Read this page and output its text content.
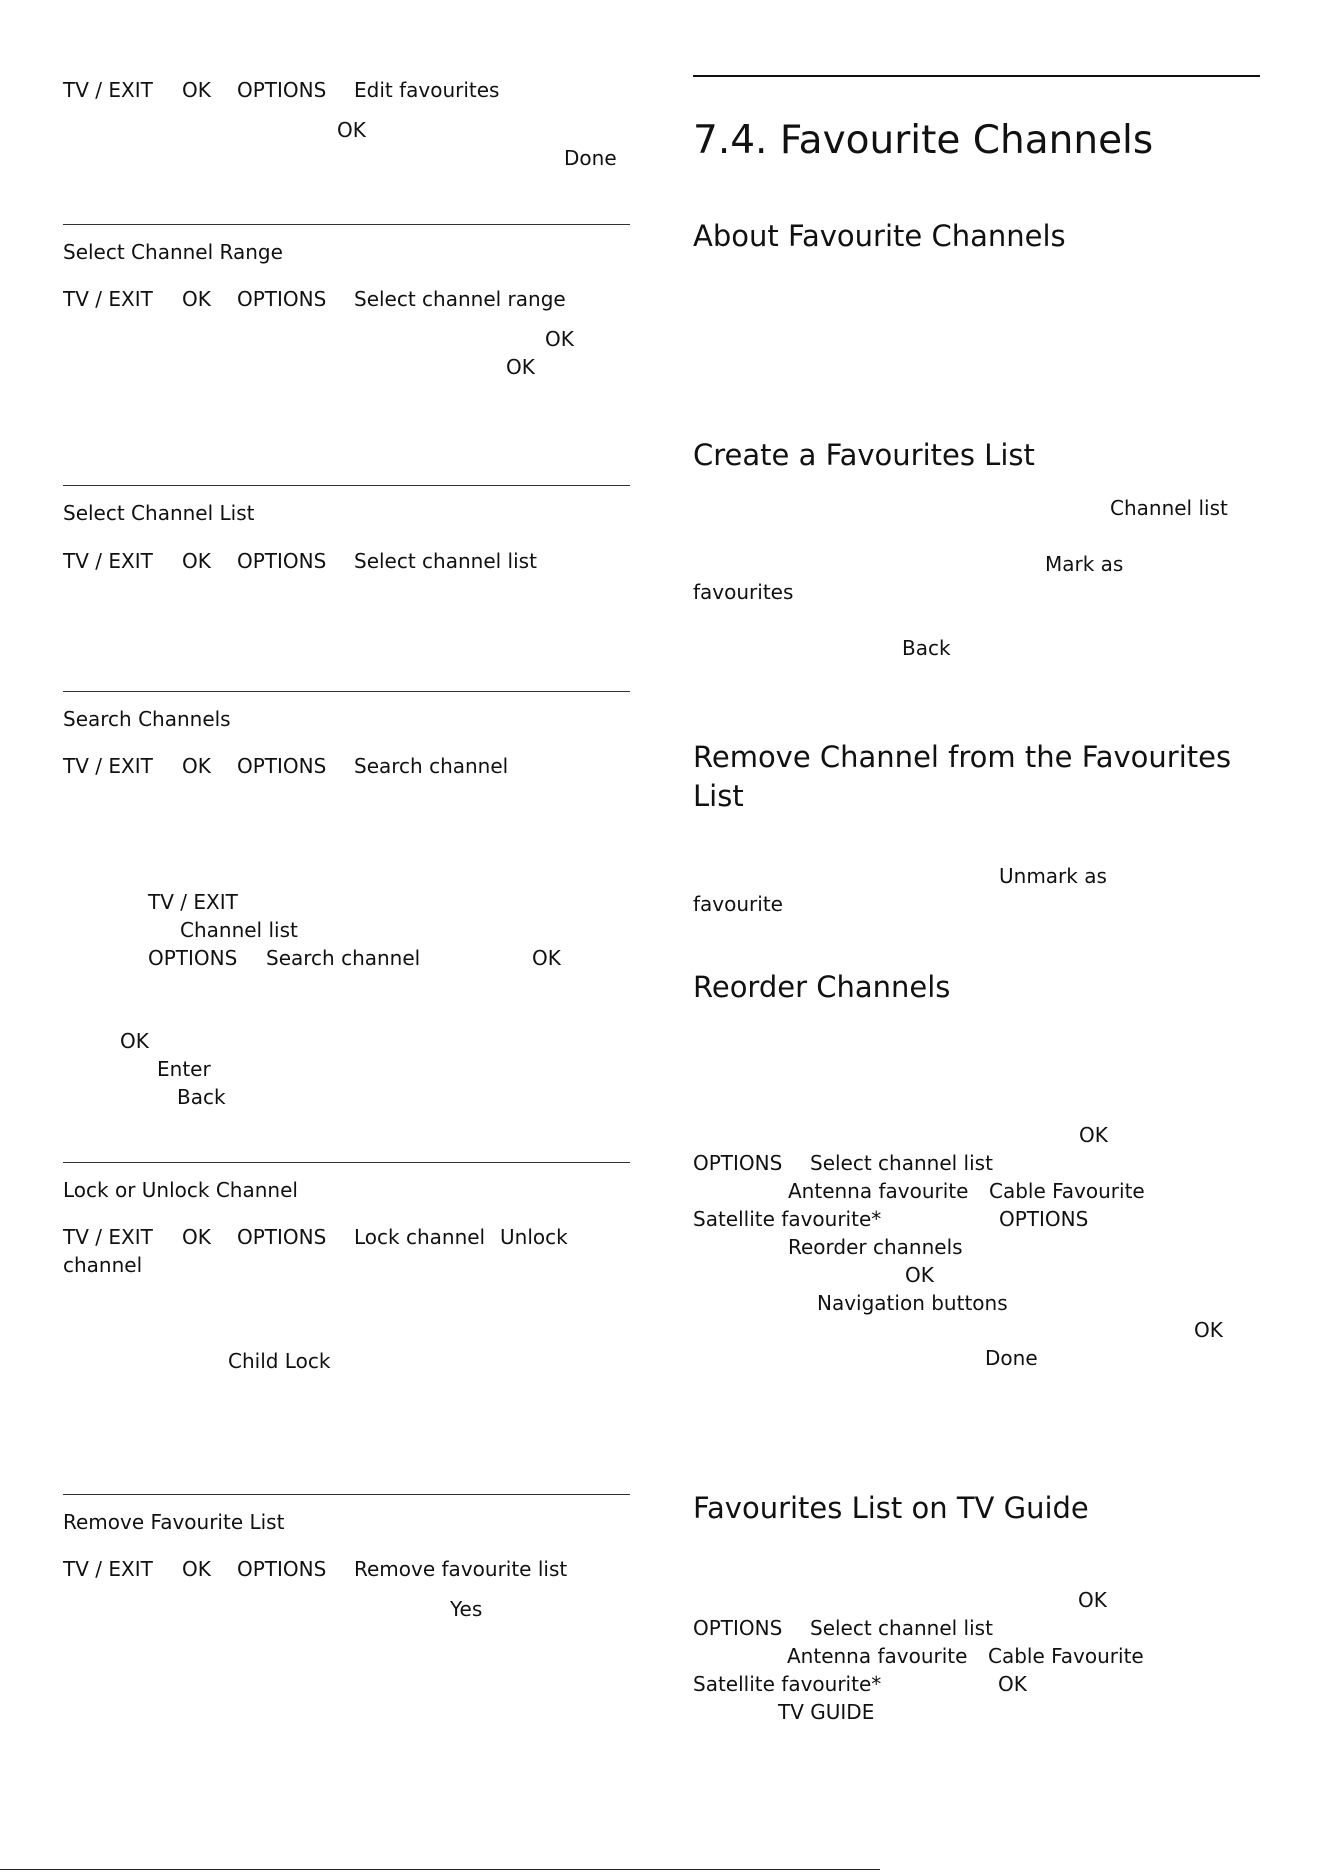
TV / EXIT OK OPTIONS Edit favourites
OK
Done
Select Channel Range
TV / EXIT OK OPTIONS Select channel range
OK
OK
Select Channel List
TV / EXIT OK OPTIONS Select channel list
Search Channels
TV / EXIT OK OPTIONS Search channel
TV / EXIT
Channel list
OPTIONS Search channel	OK
OK
Enter
Back
Lock or Unlock Channel
TV / EXIT OK OPTIONS Lock channel Unlock
channel
Child Lock
Remove Favourite List
TV / EXIT OK OPTIONS Remove favourite list
Yes
7.4. Favourite Channels
About Favourite Channels
Create a Favourites List
Channel list
Mark as
favourites
Back
Remove Channel from the Favourites
List
Unmark as
favourite
Reorder Channels
OK
OPTIONS Select channel list
Antenna favourite Cable Favourite
Satellite favourite*	OPTIONS
Reorder channels
OK
Navigation buttons
OK
Done
Favourites List on TV Guide
OK
OPTIONS Select channel list
Antenna favourite Cable Favourite
Satellite favourite*	OK
TV GUIDE
